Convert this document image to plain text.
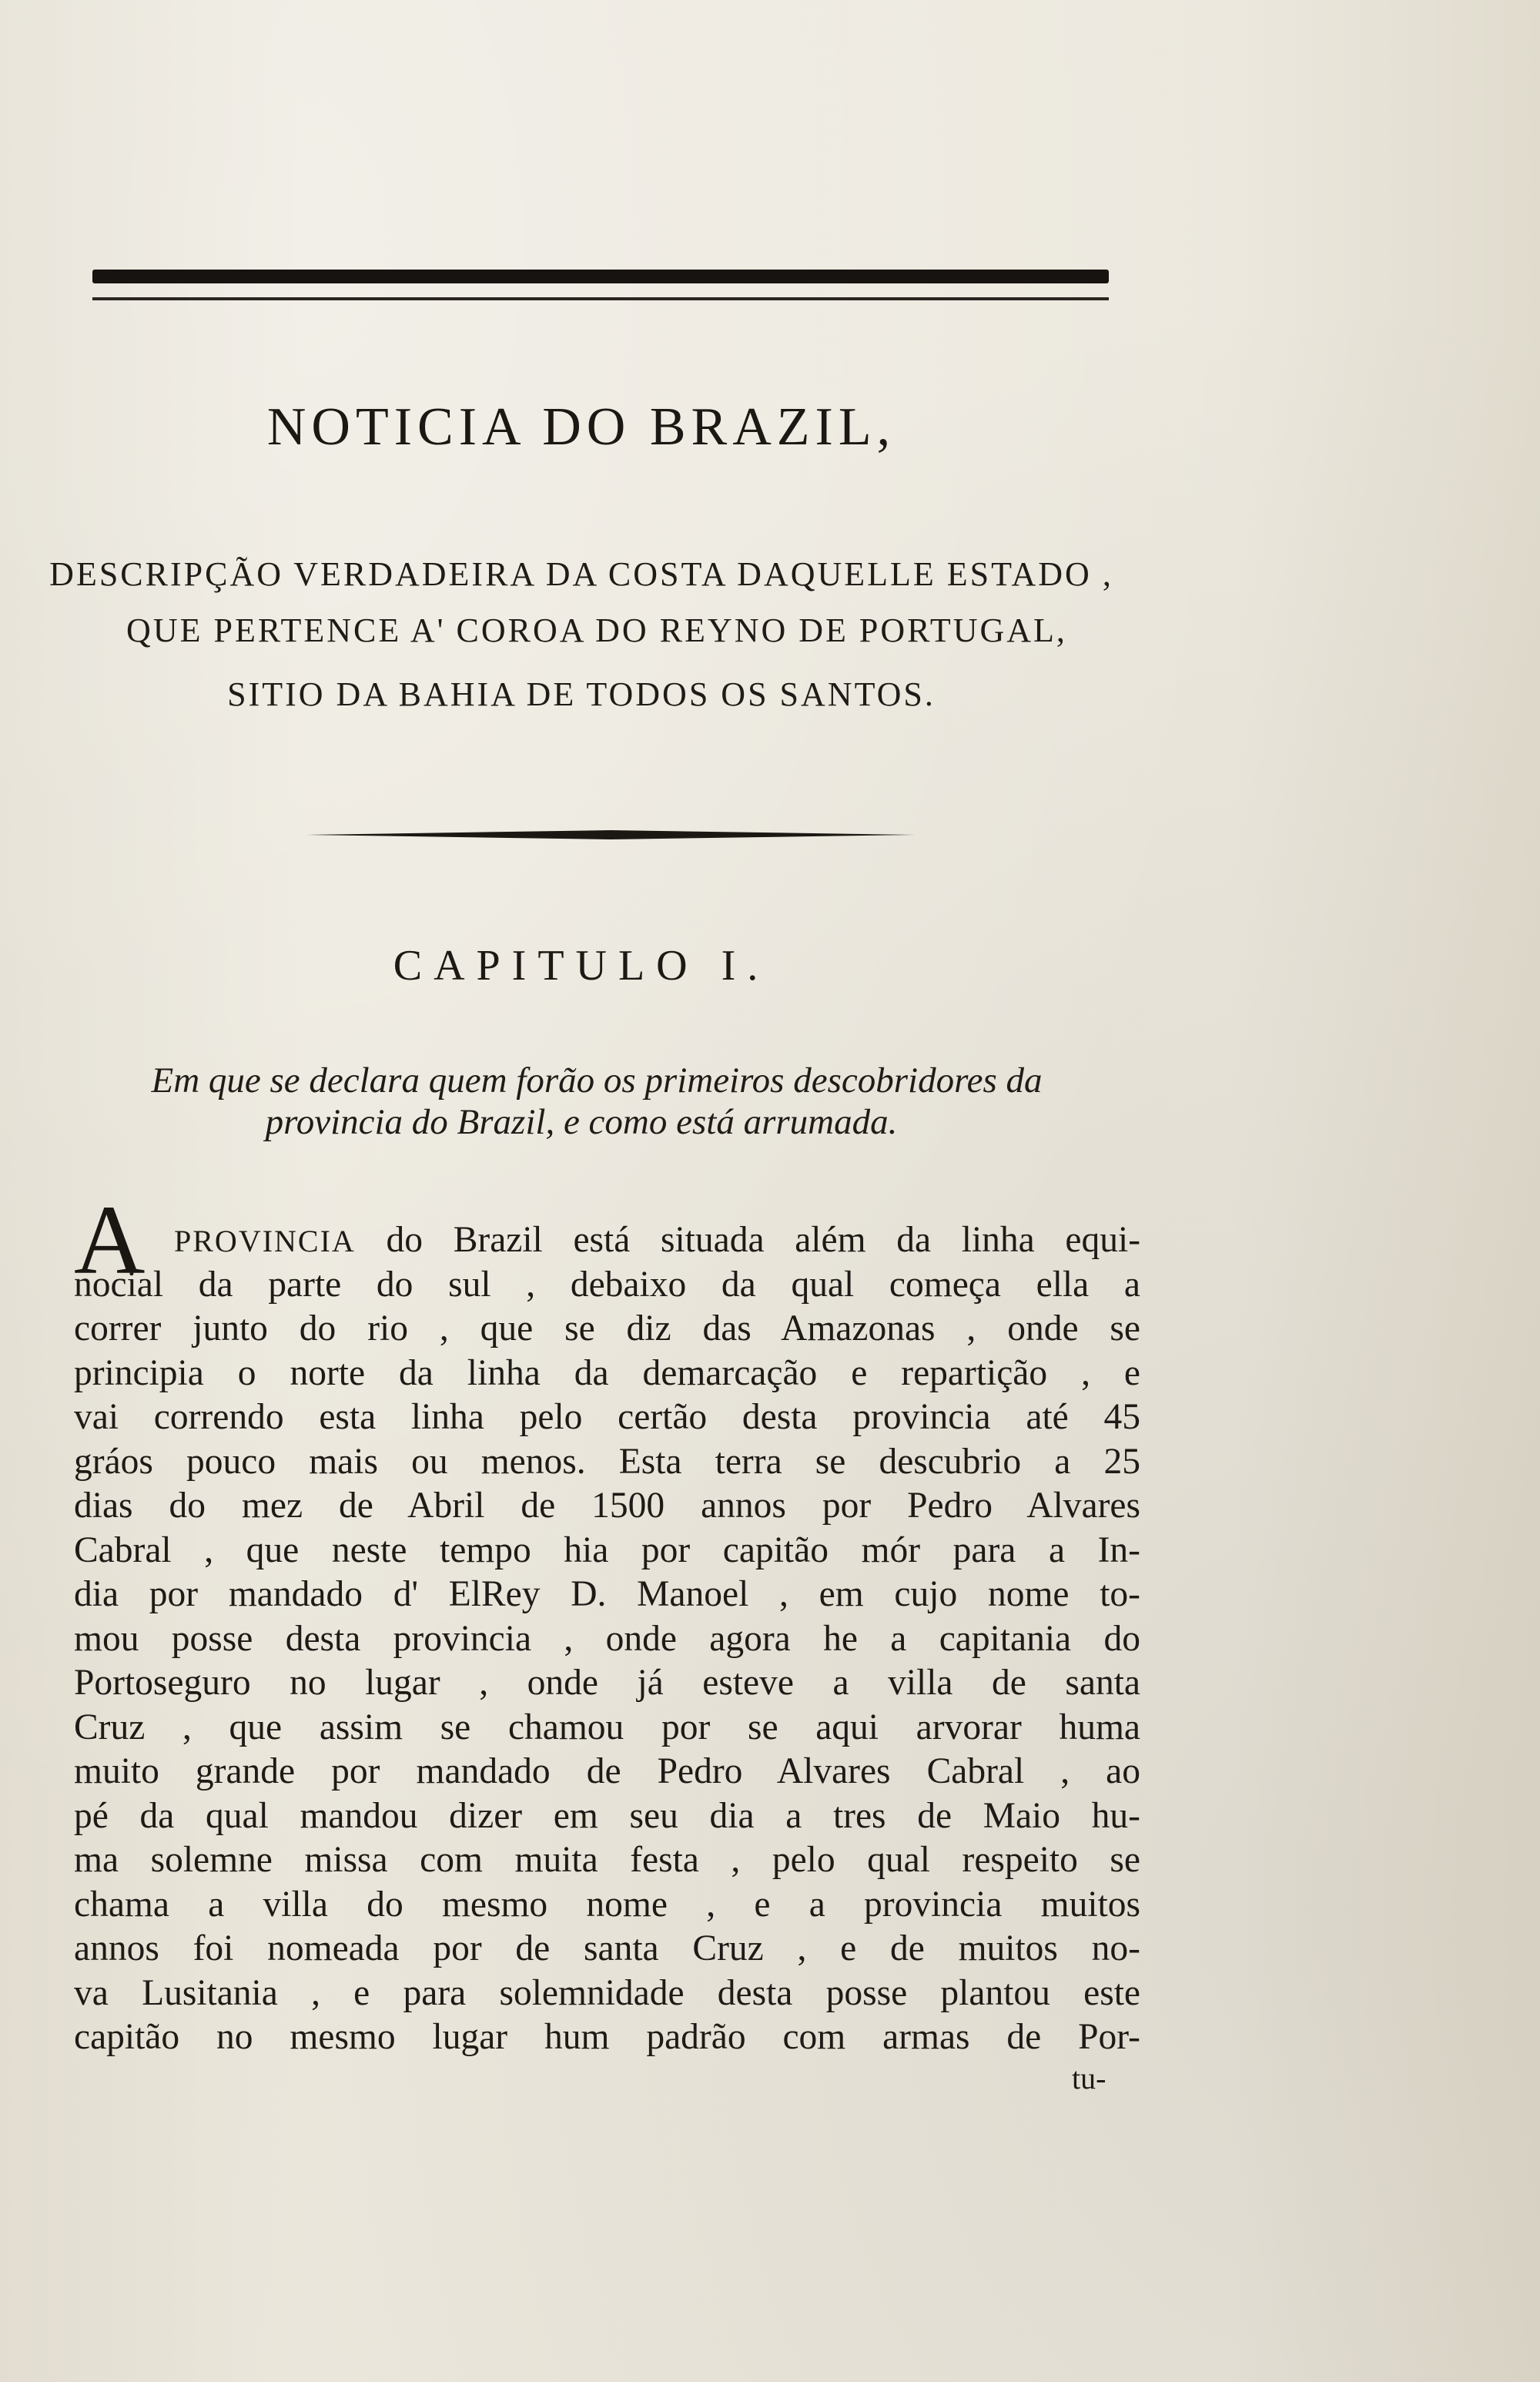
NOTICIA DO BRAZIL,
DESCRIPÇÃO VERDADEIRA DA COSTA DAQUELLE ESTADO ,
QUE PERTENCE A' COROA DO REYNO DE PORTUGAL,
SITIO DA BAHIA DE TODOS OS SANTOS.
CAPITULO I.
Em que se declara quem forão os primeiros descobridores da
provincia do Brazil, e como está arrumada.
A PROVINCIA do Brazil está situada além da linha equi-
nocial da parte do sul , debaixo da qual começa ella a
correr junto do rio , que se diz das Amazonas , onde se
principia o norte da linha da demarcação e repartição , e
vai correndo esta linha pelo certão desta provincia até 45
gráos pouco mais ou menos. Esta terra se descubrio a 25
dias do mez de Abril de 1500 annos por Pedro Alvares
Cabral , que neste tempo hia por capitão mór para a In-
dia por mandado d' ElRey D. Manoel , em cujo nome to-
mou posse desta provincia , onde agora he a capitania do
Portoseguro no lugar , onde já esteve a villa de santa
Cruz , que assim se chamou por se aqui arvorar huma
muito grande por mandado de Pedro Alvares Cabral , ao
pé da qual mandou dizer em seu dia a tres de Maio hu-
ma solemne missa com muita festa , pelo qual respeito se
chama a villa do mesmo nome , e a provincia muitos
annos foi nomeada por de santa Cruz , e de muitos no-
va Lusitania , e para solemnidade desta posse plantou este
capitão no mesmo lugar hum padrão com armas de Por-
tu-
